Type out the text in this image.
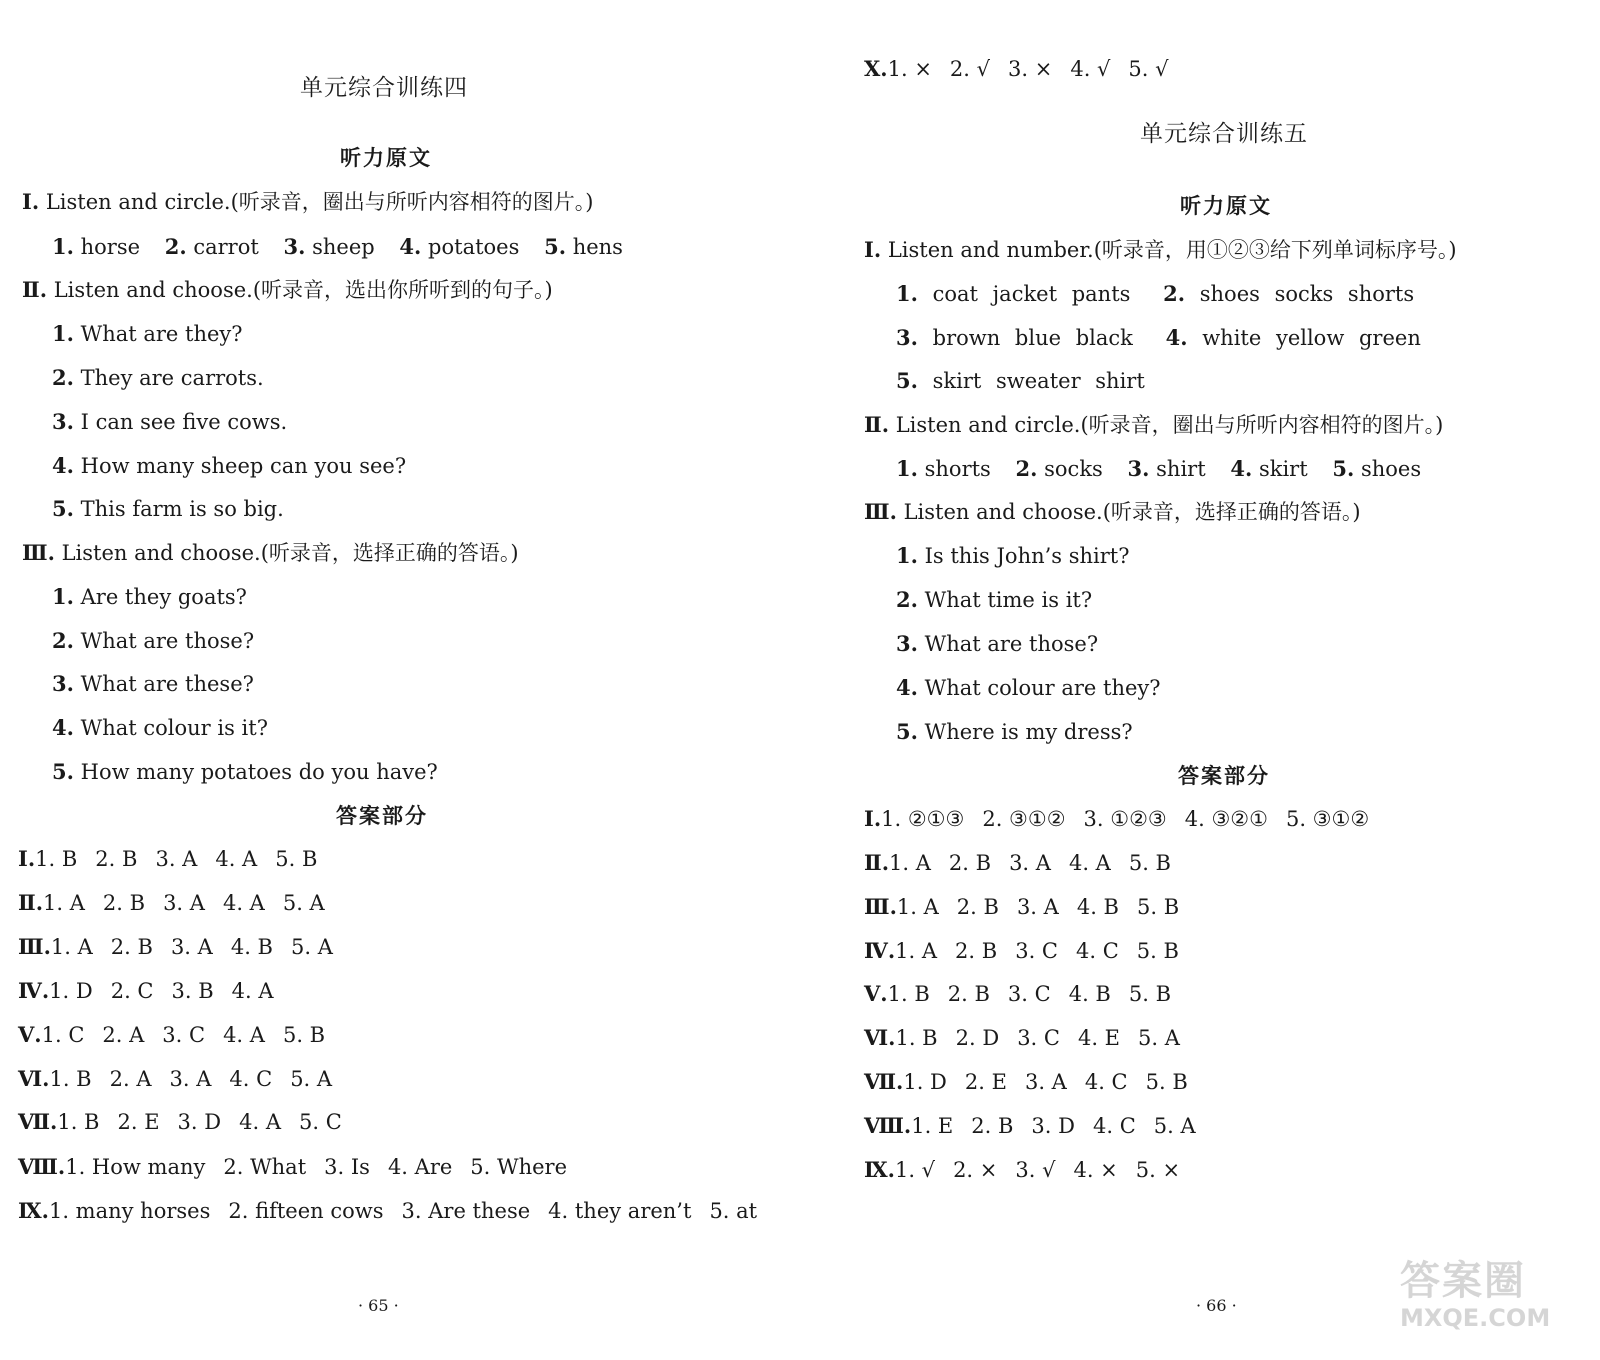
单元综合训练四
听力原文
Ⅰ. Listen and circle.(听录音，圈出与所听内容相符的图片。)
1. horse 2. carrot 3. sheep 4. potatoes 5. hens
Ⅱ. Listen and choose.(听录音，选出你所听到的句子。)
1. What are they?
2. They are carrots.
3. I can see five cows.
4. How many sheep can you see?
5. This farm is so big.
Ⅲ. Listen and choose.(听录音，选择正确的答语。)
1. Are they goats?
2. What are those?
3. What are these?
4. What colour is it?
5. How many potatoes do you have?
答案部分
Ⅰ.1. B 2. B 3. A 4. A 5. B
Ⅱ.1. A 2. B 3. A 4. A 5. A
Ⅲ.1. A 2. B 3. A 4. B 5. A
Ⅳ.1. D 2. C 3. B 4. A
Ⅴ.1. C 2. A 3. C 4. A 5. B
Ⅵ.1. B 2. A 3. A 4. C 5. A
Ⅶ.1. B 2. E 3. D 4. A 5. C
Ⅷ.1. How many 2. What 3. Is 4. Are 5. Where
Ⅸ.1. many horses 2. fifteen cows 3. Are these 4. they aren’t 5. at
· 65 ·
Ⅹ.1. × 2. √ 3. × 4. √ 5. √
单元综合训练五
听力原文
Ⅰ. Listen and number.(听录音，用①②③给下列单词标序号。)
1. coat jacket pants 2. shoes socks shorts
3. brown blue black 4. white yellow green
5. skirt sweater shirt
Ⅱ. Listen and circle.(听录音，圈出与所听内容相符的图片。)
1. shorts 2. socks 3. shirt 4. skirt 5. shoes
Ⅲ. Listen and choose.(听录音，选择正确的答语。)
1. Is this John’s shirt?
2. What time is it?
3. What are those?
4. What colour are they?
5. Where is my dress?
答案部分
Ⅰ.1. ②①③ 2. ③①② 3. ①②③ 4. ③②① 5. ③①②
Ⅱ.1. A 2. B 3. A 4. A 5. B
Ⅲ.1. A 2. B 3. A 4. B 5. B
Ⅳ.1. A 2. B 3. C 4. C 5. B
Ⅴ.1. B 2. B 3. C 4. B 5. B
Ⅵ.1. B 2. D 3. C 4. E 5. A
Ⅶ.1. D 2. E 3. A 4. C 5. B
Ⅷ.1. E 2. B 3. D 4. C 5. A
Ⅸ.1. √ 2. × 3. √ 4. × 5. ×
· 66 ·
答案圈
MXQE.COM
